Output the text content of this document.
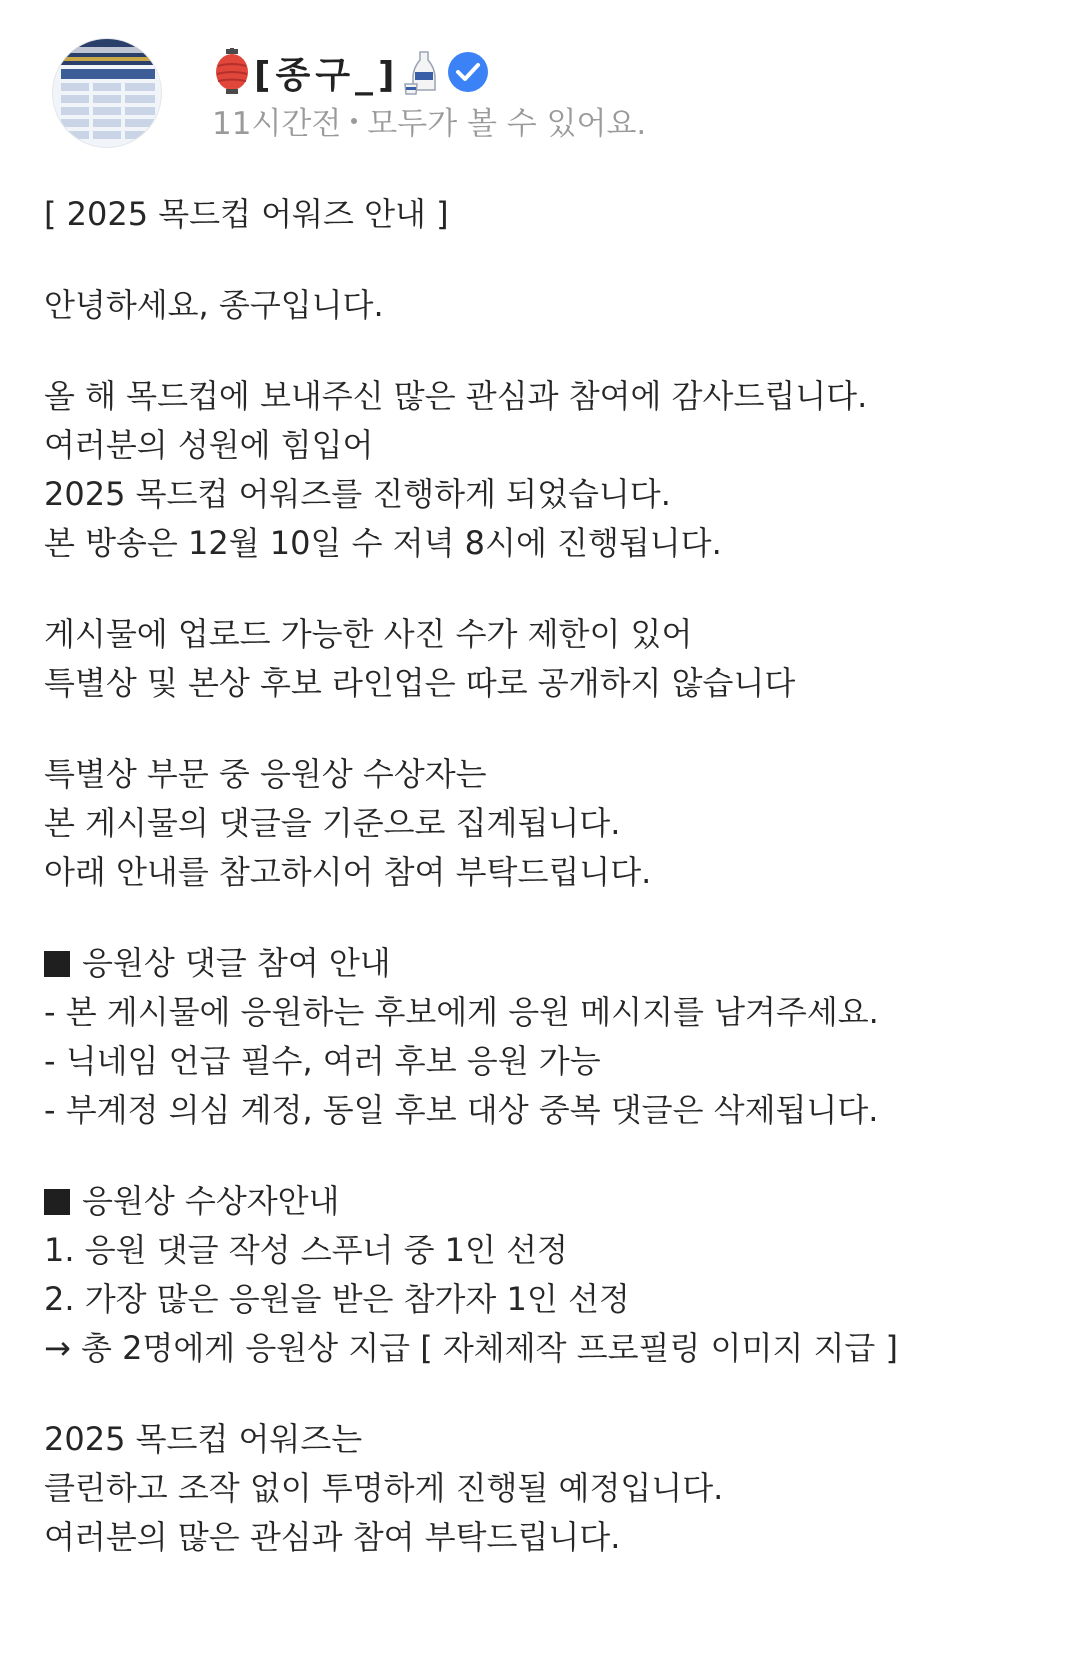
[종구_]
11시간전 모두가 볼 수 있어요.
[ 2025 목드컵 어워즈 안내 ]
안녕하세요, 종구입니다.
올 해 목드컵에 보내주신 많은 관심과 참여에 감사드립니다.
여러분의 성원에 힘입어
2025 목드컵 어워즈를 진행하게 되었습니다.
본 방송은 12월 10일 수 저녁 8시에 진행됩니다.
게시물에 업로드 가능한 사진 수가 제한이 있어
특별상 및 본상 후보 라인업은 따로 공개하지 않습니다
특별상 부문 중 응원상 수상자는
본 게시물의 댓글을 기준으로 집계됩니다.
아래 안내를 참고하시어 참여 부탁드립니다.
응원상 댓글 참여 안내
- 본 게시물에 응원하는 후보에게 응원 메시지를 남겨주세요.
- 닉네임 언급 필수, 여러 후보 응원 가능
- 부계정 의심 계정, 동일 후보 대상 중복 댓글은 삭제됩니다.
응원상 수상자안내
1. 응원 댓글 작성 스푸너 중 1인 선정
2. 가장 많은 응원을 받은 참가자 1인 선정
→ 총 2명에게 응원상 지급 [ 자체제작 프로필링 이미지 지급 ]
2025 목드컵 어워즈는
클린하고 조작 없이 투명하게 진행될 예정입니다.
여러분의 많은 관심과 참여 부탁드립니다.
